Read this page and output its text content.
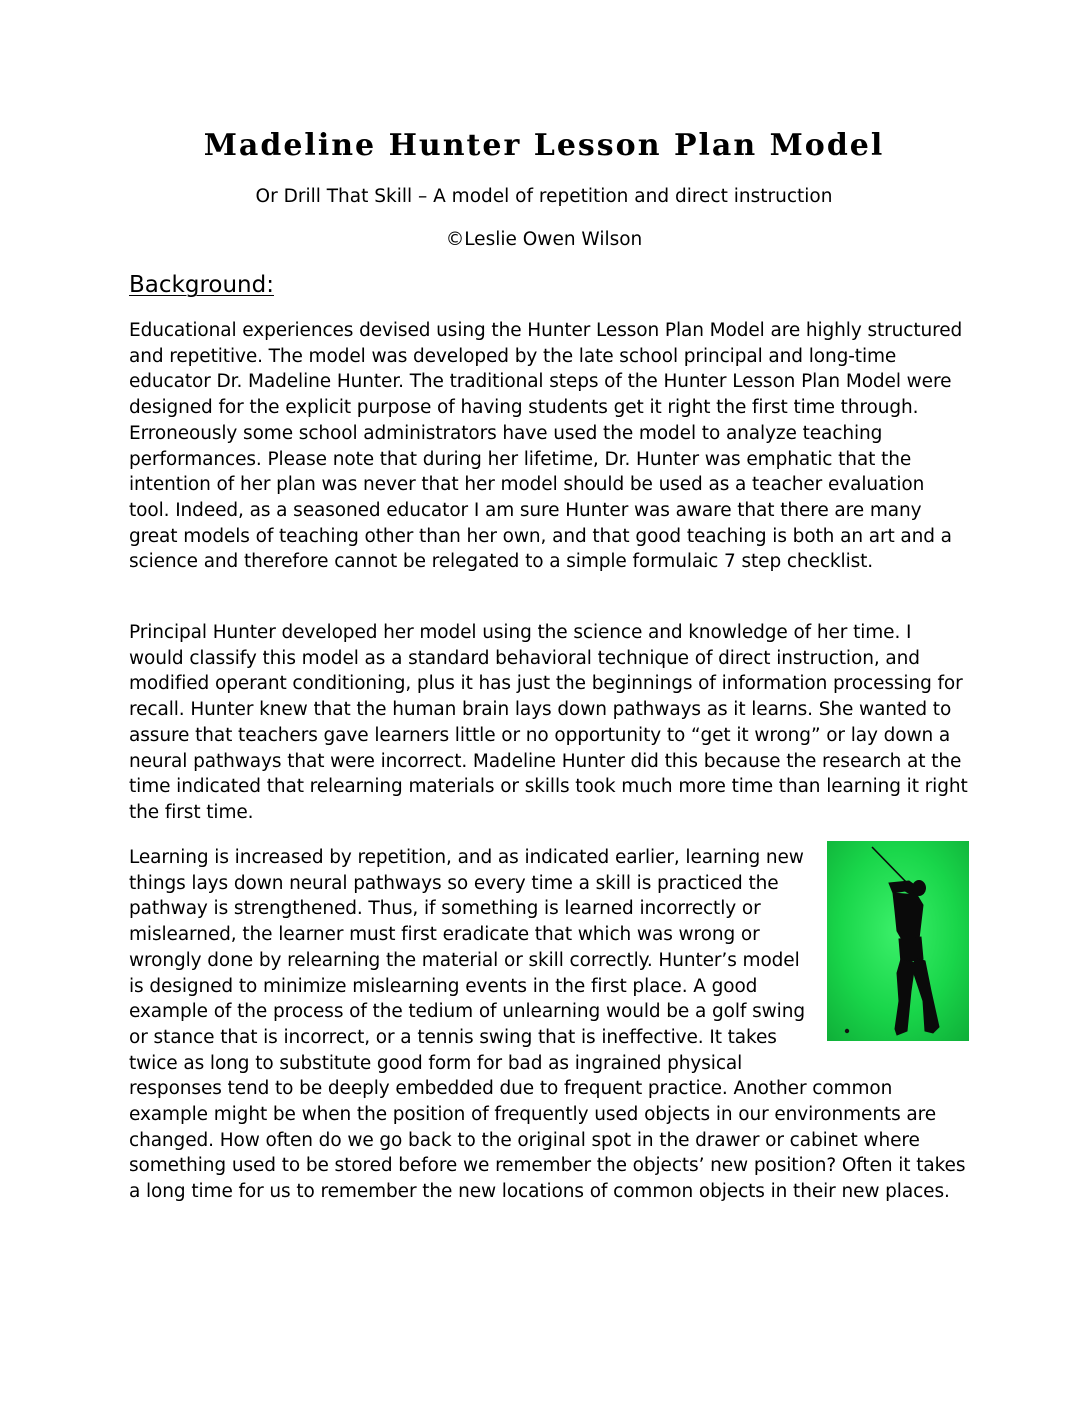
Madeline Hunter Lesson Plan Model

Or Drill That Skill – A model of repetition and direct instruction

©Leslie Owen Wilson

Background:

Educational experiences devised using the Hunter Lesson Plan Model are highly structured and repetitive. The model was developed by the late school principal and long-time educator Dr. Madeline Hunter. The traditional steps of the Hunter Lesson Plan Model were designed for the explicit purpose of having students get it right the first time through. Erroneously some school administrators have used the model to analyze teaching performances. Please note that during her lifetime, Dr. Hunter was emphatic that the intention of her plan was never that her model should be used as a teacher evaluation tool. Indeed, as a seasoned educator I am sure Hunter was aware that there are many great models of teaching other than her own, and that good teaching is both an art and a science and therefore cannot be relegated to a simple formulaic 7 step checklist.

Principal Hunter developed her model using the science and knowledge of her time. I would classify this model as a standard behavioral technique of direct instruction, and modified operant conditioning, plus it has just the beginnings of information processing for recall. Hunter knew that the human brain lays down pathways as it learns. She wanted to assure that teachers gave learners little or no opportunity to “get it wrong” or lay down a neural pathways that were incorrect. Madeline Hunter did this because the research at the time indicated that relearning materials or skills took much more time than learning it right the first time.

Learning is increased by repetition, and as indicated earlier, learning new things lays down neural pathways so every time a skill is practiced the pathway is strengthened. Thus, if something is learned incorrectly or mislearned, the learner must first eradicate that which was wrong or wrongly done by relearning the material or skill correctly. Hunter’s model is designed to minimize mislearning events in the first place. A good example of the process of the tedium of unlearning would be a golf swing or stance that is incorrect, or a tennis swing that is ineffective. It takes twice as long to substitute good form for bad as ingrained physical responses tend to be deeply embedded due to frequent practice. Another common example might be when the position of frequently used objects in our environments are changed. How often do we go back to the original spot in the drawer or cabinet where something used to be stored before we remember the objects’ new position? Often it takes a long time for us to remember the new locations of common objects in their new places.
